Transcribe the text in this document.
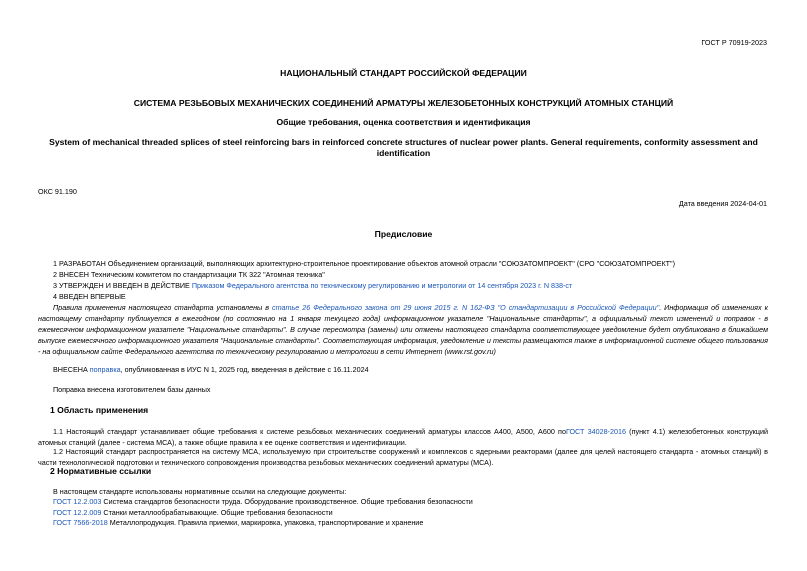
ГОСТ Р 70919-2023
НАЦИОНАЛЬНЫЙ СТАНДАРТ РОССИЙСКОЙ ФЕДЕРАЦИИ
СИСТЕМА РЕЗЬБОВЫХ МЕХАНИЧЕСКИХ СОЕДИНЕНИЙ АРМАТУРЫ ЖЕЛЕЗОБЕТОННЫХ КОНСТРУКЦИЙ АТОМНЫХ СТАНЦИЙ
Общие требования, оценка соответствия и идентификация
System of mechanical threaded splices of steel reinforcing bars in reinforced concrete structures of nuclear power plants. General requirements, conformity assessment and identification
ОКС 91.190
Дата введения 2024-04-01
Предисловие
1 РАЗРАБОТАН Объединением организаций, выполняющих архитектурно-строительное проектирование объектов атомной отрасли "СОЮЗАТОМПРОЕКТ" (СРО "СОЮЗАТОМПРОЕКТ")
2 ВНЕСЕН Техническим комитетом по стандартизации ТК 322 "Атомная техника"
3 УТВЕРЖДЕН И ВВЕДЕН В ДЕЙСТВИЕ Приказом Федерального агентства по техническому регулированию и метрологии от 14 сентября 2023 г. N 838-ст
4 ВВЕДЕН ВПЕРВЫЕ
Правила применения настоящего стандарта установлены в статье 26 Федерального закона от 29 июня 2015 г. N 162-ФЗ "О стандартизации в Российской Федерации". Информация об изменениях к настоящему стандарту публикуется в ежегодном (по состоянию на 1 января текущего года) информационном указателе "Национальные стандарты", а официальный текст изменений и поправок - в ежемесячном информационном указателе "Национальные стандарты". В случае пересмотра (замены) или отмены настоящего стандарта соответствующее уведомление будет опубликовано в ближайшем выпуске ежемесячного информационного указателя "Национальные стандарты". Соответствующая информация, уведомление и тексты размещаются также в информационной системе общего пользования - на официальном сайте Федерального агентства по техническому регулированию и метрологии в сети Интернет (www.rst.gov.ru)
ВНЕСЕНА поправка, опубликованная в ИУС N 1, 2025 год, введенная в действие с 16.11.2024
Поправка внесена изготовителем базы данных
1 Область применения
1.1 Настоящий стандарт устанавливает общие требования к системе резьбовых механических соединений арматуры классов А400, А500, А600 поГОСТ 34028-2016 (пункт 4.1) железобетонных конструкций атомных станций (далее - система МСА), а также общие правила к ее оценке соответствия и идентификации.
1.2 Настоящий стандарт распространяется на систему МСА, используемую при строительстве сооружений и комплексов с ядерными реакторами (далее для целей настоящего стандарта - атомных станций) в части технологической подготовки и технического сопровождения производства резьбовых механических соединений арматуры (МСА).
2 Нормативные ссылки
В настоящем стандарте использованы нормативные ссылки на следующие документы:
ГОСТ 12.2.003 Система стандартов безопасности труда. Оборудование производственное. Общие требования безопасности
ГОСТ 12.2.009 Станки металлообрабатывающие. Общие требования безопасности
ГОСТ 7566-2018 Металлопродукция. Правила приемки, маркировка, упаковка, транспортирование и хранение
